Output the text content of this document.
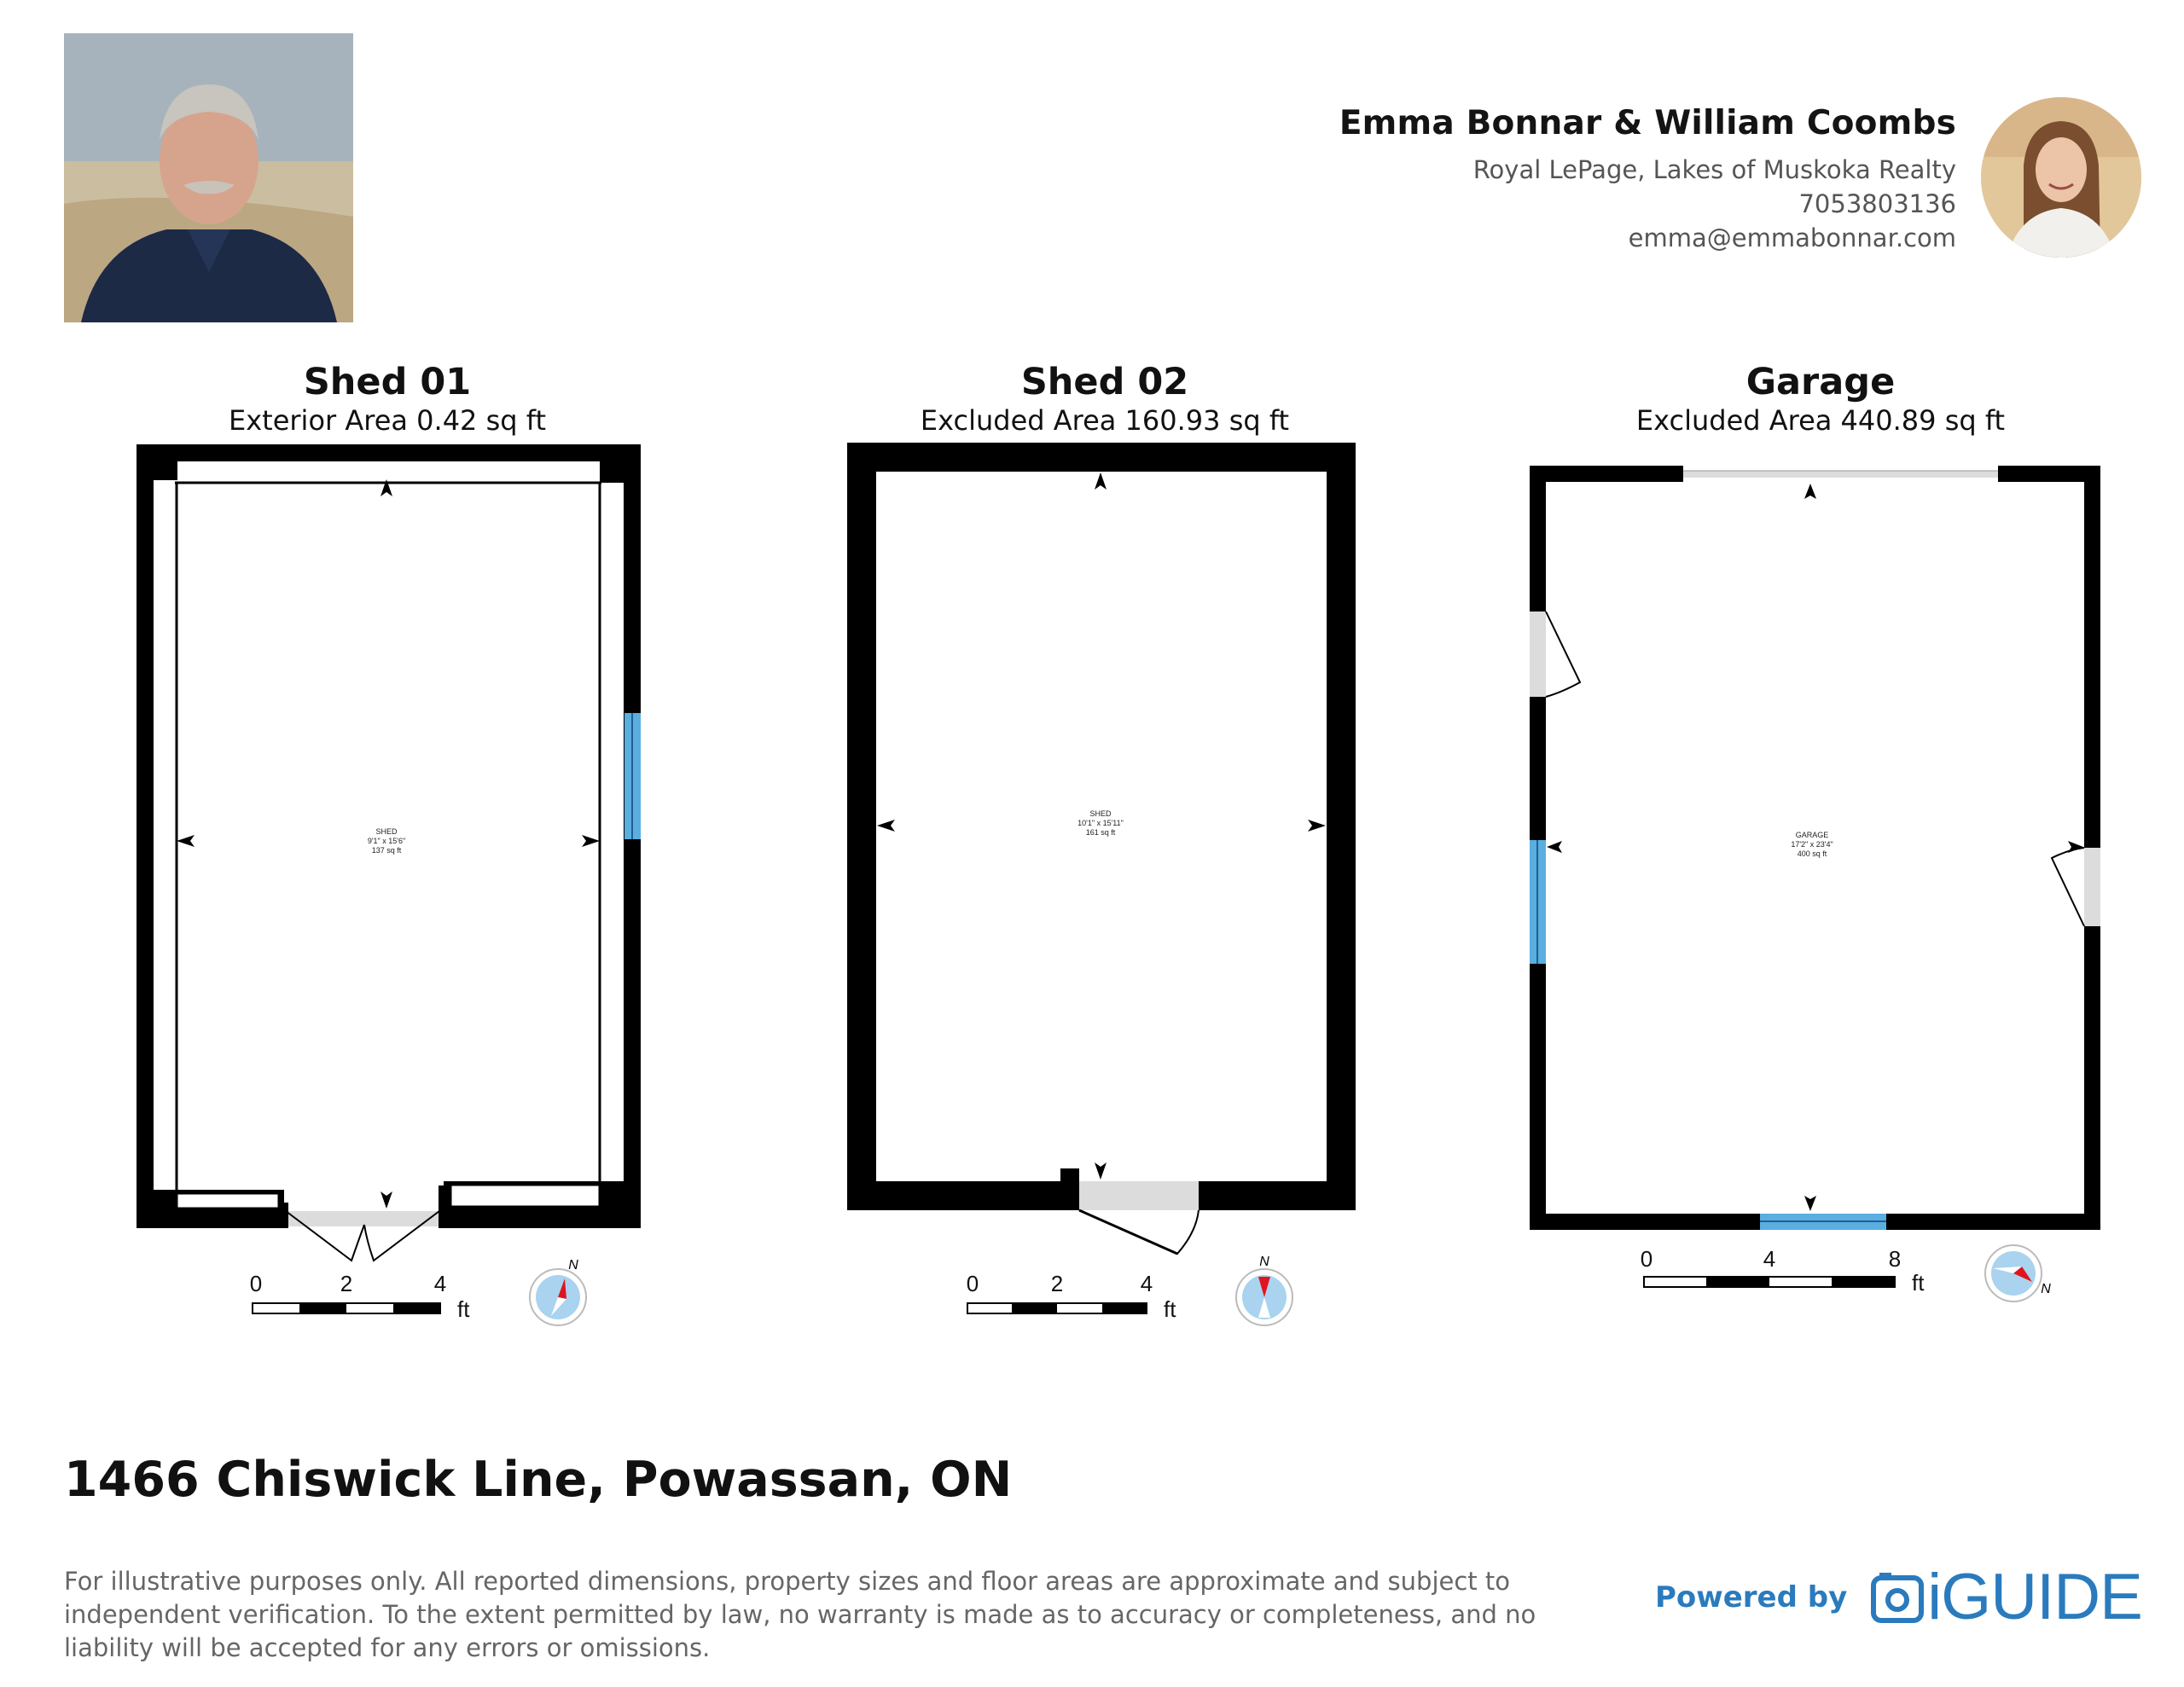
Emma Bonnar & William Coombs
Royal LePage, Lakes of Muskoka Realty
7053803136
emma@emmabonnar.com
Shed 01
Exterior Area 0.42 sq ft
Shed 02
Excluded Area 160.93 sq ft
Garage
Excluded Area 440.89 sq ft
SHED
9'1" x 15'6"
137 sq ft
SHED
10'1" x 15'11"
161 sq ft	GARAGE
17'2" x 23'4"
400 sq ft
0	2	4
ft
0	2	4
ft
0	4	8
ft
N	N
N
1466 Chiswick Line, Powassan, ON
For illustrative purposes only. All reported dimensions, property sizes and floor areas are approximate and subject to independent verification. To the extent permitted by law, no warranty is made as to accuracy or completeness, and no liability will be accepted for any errors or omissions.
Powered by iGUIDE
